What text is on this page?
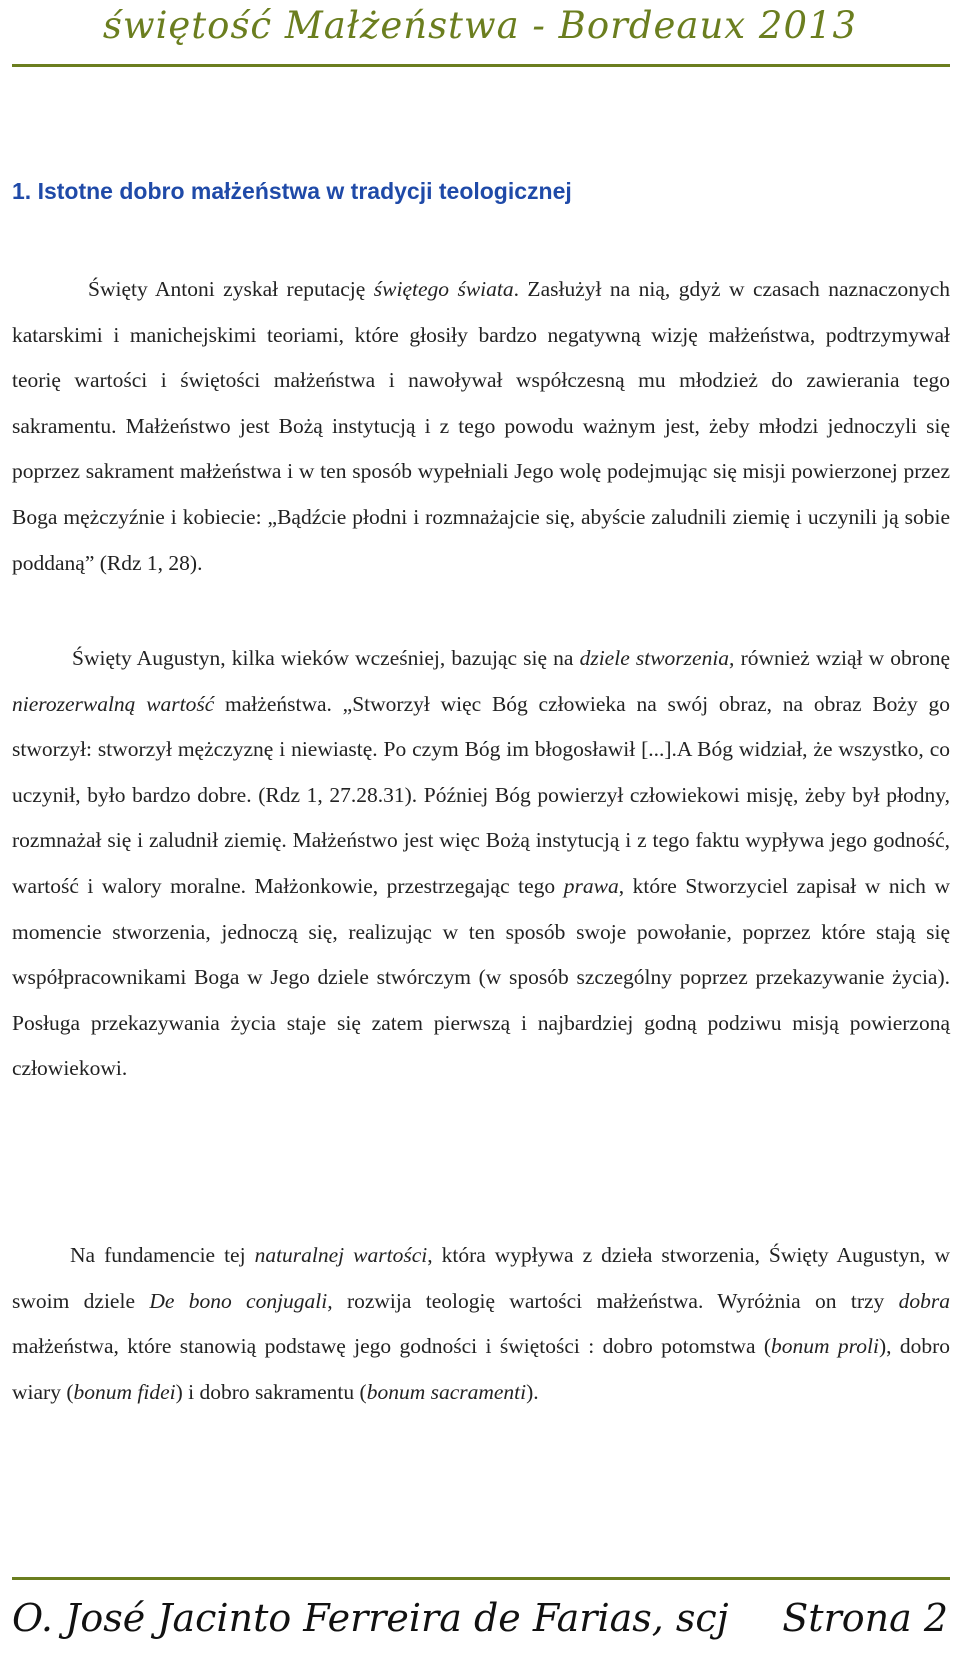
świętość Małżeństwa - Bordeaux 2013
1. Istotne dobro małżeństwa w tradycji teologicznej

Święty Antoni zyskał reputację świętego świata. Zasłużył na nią, gdyż w czasach naznaczonych katarskimi i manichejskimi teoriami, które głosiły bardzo negatywną wizję małżeństwa, podtrzymywał teorię wartości i świętości małżeństwa i nawoływał współczesną mu młodzież do zawierania tego sakramentu. Małżeństwo jest Bożą instytucją i z tego powodu ważnym jest, żeby młodzi jednoczyli się poprzez sakrament małżeństwa i w ten sposób wypełniali Jego wolę podejmując się misji powierzonej przez Boga mężczyźnie i kobiecie: „Bądźcie płodni i rozmnażajcie się, abyście zaludnili ziemię i uczynili ją sobie poddaną” (Rdz 1, 28).

Święty Augustyn, kilka wieków wcześniej, bazując się na dziele stworzenia, również wziął w obronę nierozerwalną wartość małżeństwa. „Stworzył więc Bóg człowieka na swój obraz, na obraz Boży go stworzył: stworzył mężczyznę i niewiastę. Po czym Bóg im błogosławił [...].A Bóg widział, że wszystko, co uczynił, było bardzo dobre. (Rdz 1, 27.28.31). Później Bóg powierzył człowiekowi misję, żeby był płodny, rozmnażał się i zaludnił ziemię. Małżeństwo jest więc Bożą instytucją i z tego faktu wypływa jego godność, wartość i walory moralne. Małżonkowie, przestrzegając tego prawa, które Stworzyciel zapisał w nich w momencie stworzenia, jednoczą się, realizując w ten sposób swoje powołanie, poprzez które stają się współpracownikami Boga w Jego dziele stwórczym (w sposób szczególny poprzez przekazywanie życia). Posługa przekazywania życia staje się zatem pierwszą i najbardziej godną podziwu misją powierzoną człowiekowi.

Na fundamencie tej naturalnej wartości, która wypływa z dzieła stworzenia, Święty Augustyn, w swoim dziele De bono conjugali, rozwija teologię wartości małżeństwa. Wyróżnia on trzy dobra małżeństwa, które stanowią podstawę jego godności i świętości : dobro potomstwa (bonum proli), dobro wiary (bonum fidei) i dobro sakramentu (bonum sacramenti).

O. José Jacinto Ferreira de Farias, scj Strona 2
